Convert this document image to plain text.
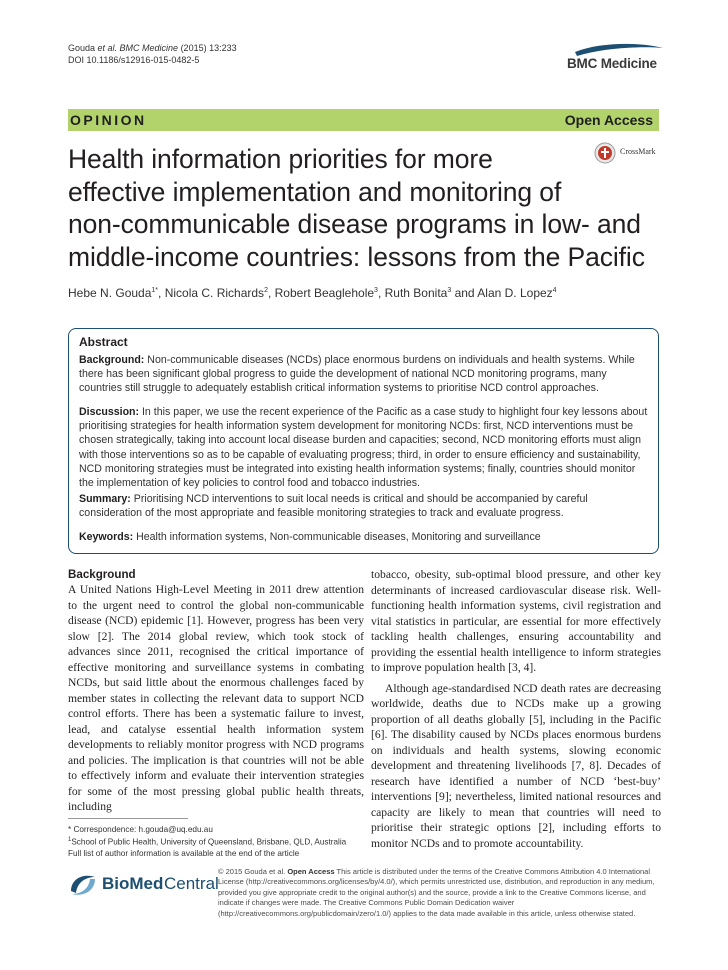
Gouda et al. BMC Medicine (2015) 13:233
DOI 10.1186/s12916-015-0482-5	BMC Medicine
OPINION	Open Access
CrossMark
Health information priorities for more
effective implementation and monitoring of
non-communicable disease programs in low- and
middle-income countries: lessons from the Pacific
Hebe N. Gouda$^{1*}$, Nicola C. Richards$^2$, Robert Beaglehole$^3$, Ruth Bonita$^3$ and Alan D. Lopez$^4$
Abstract
Background: Non-communicable diseases (NCDs) place enormous burdens on individuals and health systems. While there has been significant global progress to guide the development of national NCD monitoring programs, many countries still struggle to adequately establish critical information systems to prioritise NCD control approaches.
Discussion: In this paper, we use the recent experience of the Pacific as a case study to highlight four key lessons about prioritising strategies for health information system development for monitoring NCDs: first, NCD interventions must be chosen strategically, taking into account local disease burden and capacities; second, NCD monitoring efforts must align with those interventions so as to be capable of evaluating progress; third, in order to ensure efficiency and sustainability, NCD monitoring strategies must be integrated into existing health information systems; finally, countries should monitor the implementation of key policies to control food and tobacco industries.
Summary: Prioritising NCD interventions to suit local needs is critical and should be accompanied by careful consideration of the most appropriate and feasible monitoring strategies to track and evaluate progress.
Keywords: Health information systems, Non-communicable diseases, Monitoring and surveillance
Background

A United Nations High-Level Meeting in 2011 drew attention to the urgent need to control the global non-communicable disease (NCD) epidemic [1]. However, progress has been very slow [2]. The 2014 global review, which took stock of advances since 2011, recognised the critical importance of effective monitoring and surveillance systems in combating NCDs, but said little about the enormous challenges faced by member states in collecting the relevant data to support NCD control efforts. There has been a systematic failure to invest, lead, and catalyse essential health information system developments to reliably monitor progress with NCD programs and policies. The implication is that countries will not be able to effectively inform and evaluate their intervention strategies for some of the most pressing global public health threats, including

tobacco, obesity, sub-optimal blood pressure, and other key determinants of increased cardiovascular disease risk. Well-functioning health information systems, civil registration and vital statistics in particular, are essential for more effectively tackling health challenges, ensuring accountability and providing the essential health intelligence to inform strategies to improve population health [3, 4].

Although age-standardised NCD death rates are decreasing worldwide, deaths due to NCDs make up a growing proportion of all deaths globally [5], including in the Pacific [6]. The disability caused by NCDs places enormous burdens on individuals and health systems, slowing economic development and threatening livelihoods [7, 8]. Decades of research have identified a number of NCD ‘best-buy’ interventions [9]; nevertheless, limited national resources and capacity are likely to mean that countries will need to prioritise their strategic options [2], including efforts to monitor NCDs and to promote accountability.

* Correspondence: h.gouda@uq.edu.au
$^1$School of Public Health, University of Queensland, Brisbane, QLD, Australia
Full list of author information is available at the end of the article
BioMed Central
© 2015 Gouda et al. Open Access This article is distributed under the terms of the Creative Commons Attribution 4.0 International License (http://creativecommons.org/licenses/by/4.0/), which permits unrestricted use, distribution, and reproduction in any medium, provided you give appropriate credit to the original author(s) and the source, provide a link to the Creative Commons license, and indicate if changes were made. The Creative Commons Public Domain Dedication waiver (http://creativecommons.org/publicdomain/zero/1.0/) applies to the data made available in this article, unless otherwise stated.
